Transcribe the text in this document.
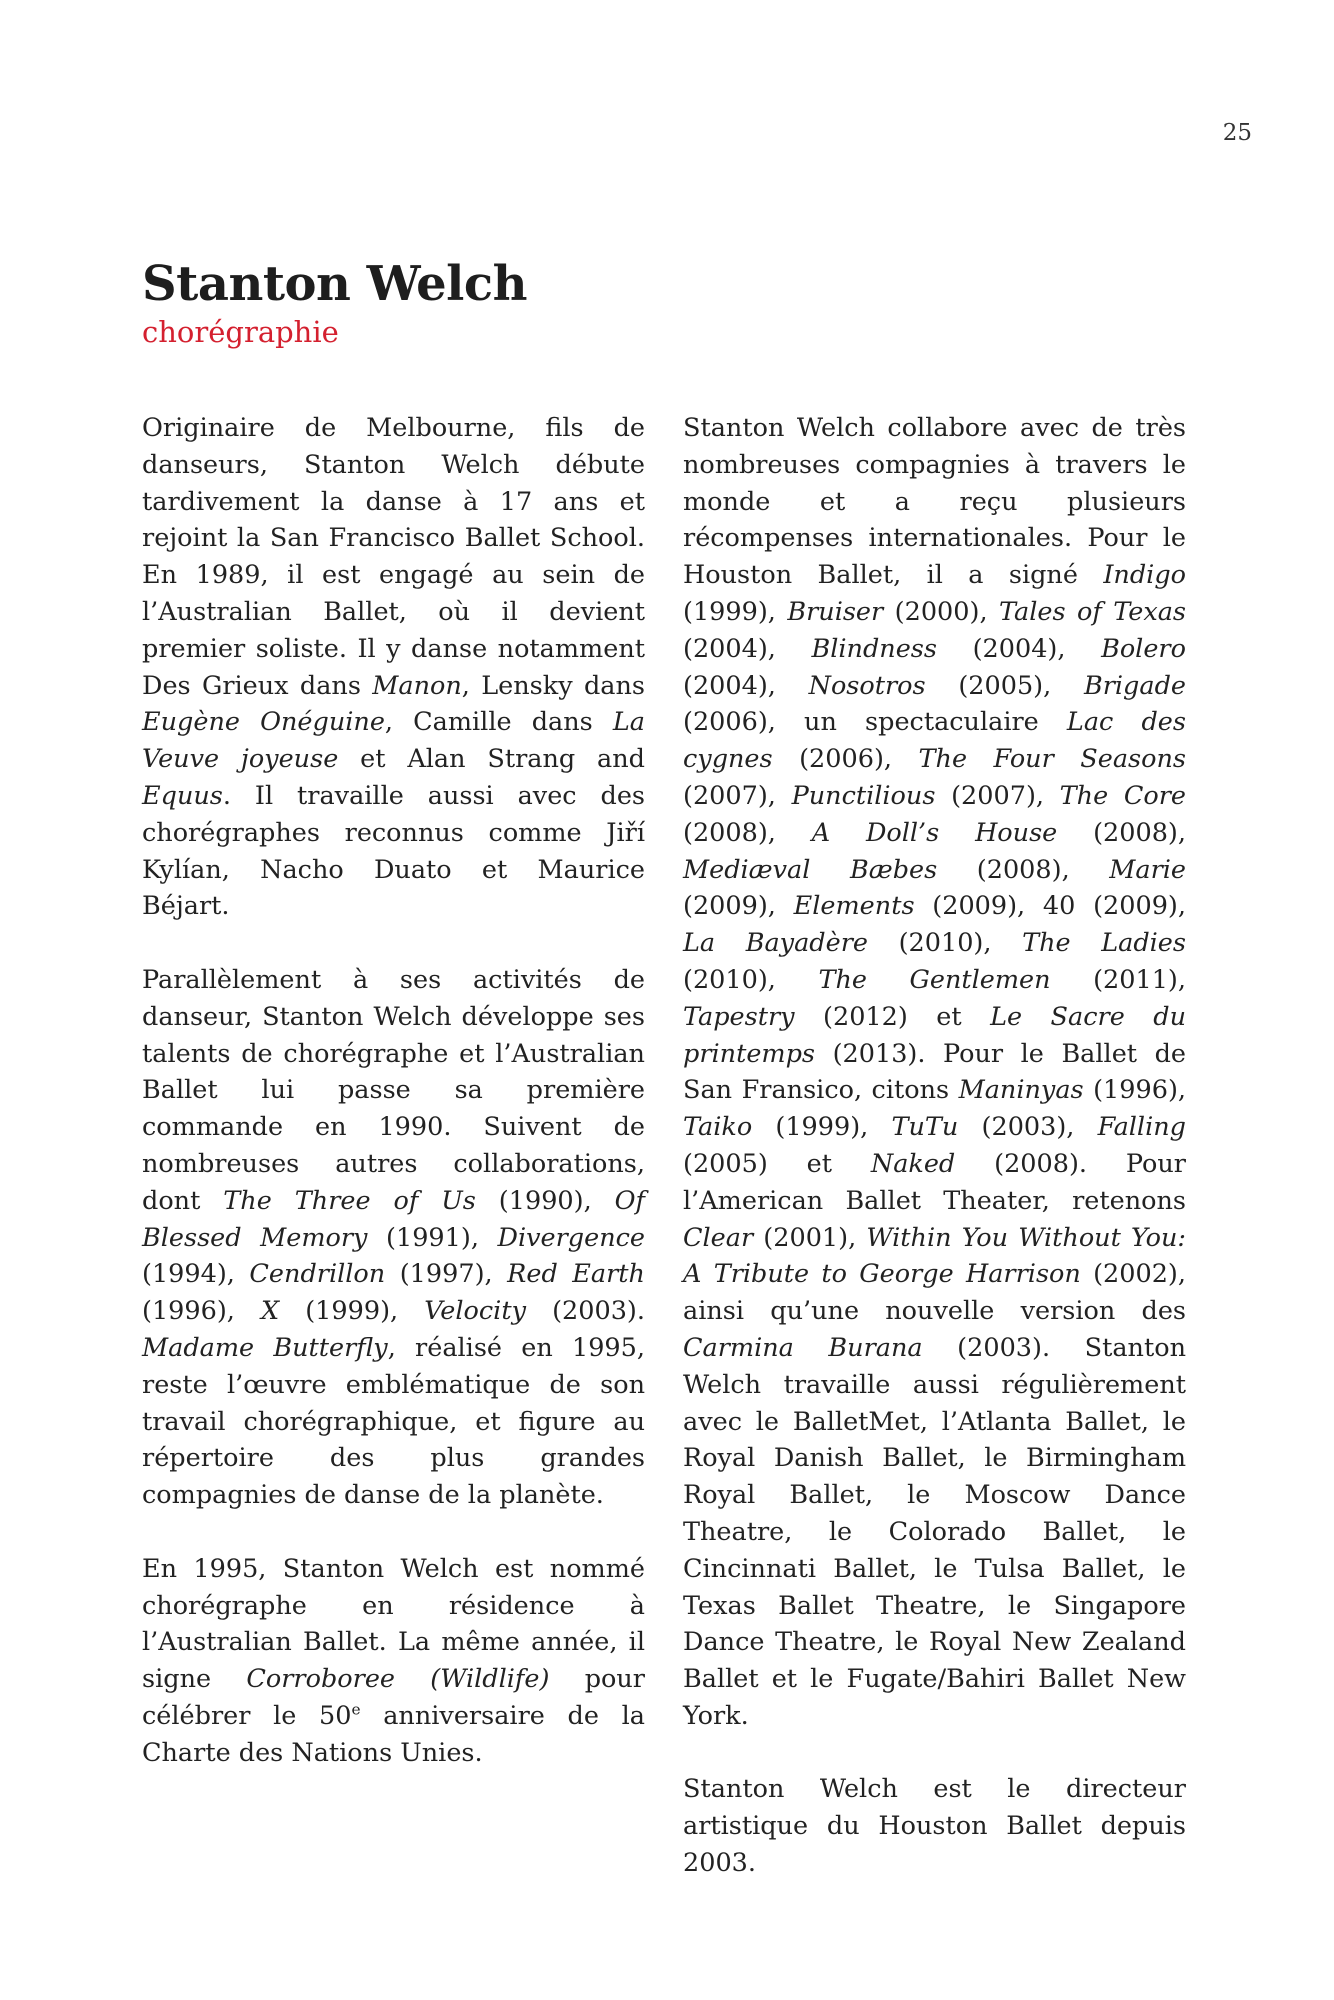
25
Stanton Welch
chorégraphie

Originaire de Melbourne, fils de danseurs, Stanton Welch débute tardivement la danse à 17 ans et rejoint la San Francisco Ballet School. En 1989, il est engagé au sein de l’Australian Ballet, où il devient premier soliste. Il y danse notamment Des Grieux dans Manon, Lensky dans Eugène Onéguine, Camille dans La Veuve joyeuse et Alan Strang and Equus. Il travaille aussi avec des chorégraphes reconnus comme Jiří Kylían, Nacho Duato et Maurice Béjart.

Parallèlement à ses activités de danseur, Stanton Welch développe ses talents de chorégraphe et l’Australian Ballet lui passe sa première commande en 1990. Suivent de nombreuses autres collaborations, dont The Three of Us (1990), Of Blessed Memory (1991), Divergence (1994), Cendrillon (1997), Red Earth (1996), X (1999), Velocity (2003). Madame Butterfly, réalisé en 1995, reste l’œuvre emblématique de son travail chorégraphique, et figure au répertoire des plus grandes compagnies de danse de la planète.

En 1995, Stanton Welch est nommé chorégraphe en résidence à l’Australian Ballet. La même année, il signe Corroboree (Wildlife) pour célébrer le 50e anniversaire de la Charte des Nations Unies.

Stanton Welch collabore avec de très nombreuses compagnies à travers le monde et a reçu plusieurs récompenses internationales. Pour le Houston Ballet, il a signé Indigo (1999), Bruiser (2000), Tales of Texas (2004), Blindness (2004), Bolero (2004), Nosotros (2005), Brigade (2006), un spectaculaire Lac des cygnes (2006), The Four Seasons (2007), Punctilious (2007), The Core (2008), A Doll’s House (2008), Mediæval Bæbes (2008), Marie (2009), Elements (2009), 40 (2009), La Bayadère (2010), The Ladies (2010), The Gentlemen (2011), Tapestry (2012) et Le Sacre du printemps (2013). Pour le Ballet de San Fransico, citons Maninyas (1996), Taiko (1999), TuTu (2003), Falling (2005) et Naked (2008). Pour l’American Ballet Theater, retenons Clear (2001), Within You Without You: A Tribute to George Harrison (2002), ainsi qu’une nouvelle version des Carmina Burana (2003). Stanton Welch travaille aussi régulièrement avec le BalletMet, l’Atlanta Ballet, le Royal Danish Ballet, le Birmingham Royal Ballet, le Moscow Dance Theatre, le Colorado Ballet, le Cincinnati Ballet, le Tulsa Ballet, le Texas Ballet Theatre, le Singapore Dance Theatre, le Royal New Zealand Ballet et le Fugate/Bahiri Ballet New York.

Stanton Welch est le directeur artistique du Houston Ballet depuis 2003.
